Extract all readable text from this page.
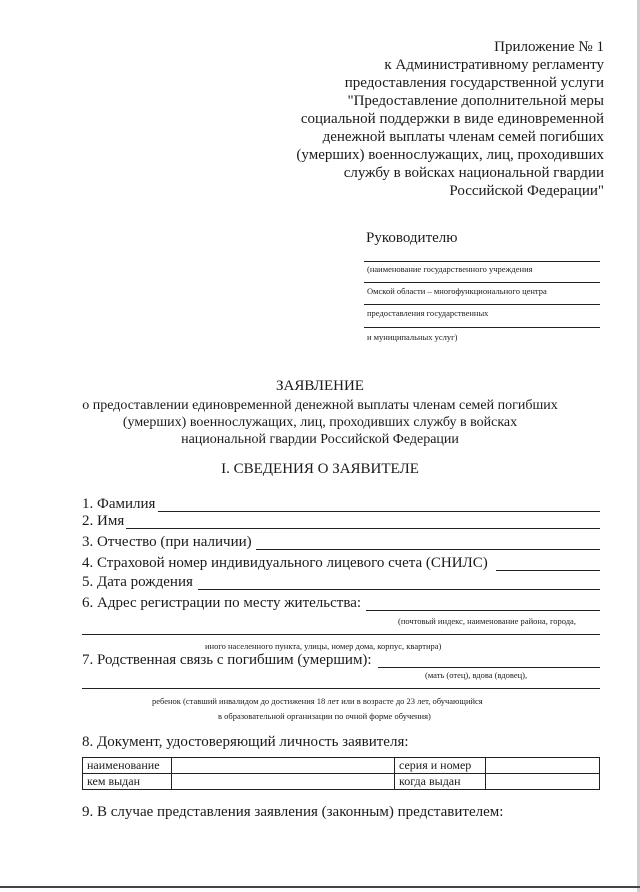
Приложение № 1
к Административному регламенту
предоставления государственной услуги
"Предоставление дополнительной меры
социальной поддержки в виде единовременной
денежной выплаты членам семей погибших
(умерших) военнослужащих, лиц, проходивших
службу в войсках национальной гвардии
Российской Федерации"
Руководителю
(наименование государственного учреждения
Омской области – многофункционального центра
предоставления государственных
и муниципальных услуг)
ЗАЯВЛЕНИЕ
о предоставлении единовременной денежной выплаты членам семей погибших
(умерших) военнослужащих, лиц, проходивших службу в войсках
национальной гвардии Российской Федерации
I. СВЕДЕНИЯ О ЗАЯВИТЕЛЕ
1. Фамилия
2. Имя
3. Отчество (при наличии)
4. Страховой номер индивидуального лицевого счета (СНИЛС)
5. Дата рождения
6. Адрес регистрации по месту жительства:
(почтовый индекс, наименование района, города,
иного населенного пункта, улицы, номер дома, корпус, квартира)
7. Родственная связь с погибшим (умершим):
(мать (отец), вдова (вдовец),
ребенок (ставший инвалидом до достижения 18 лет или в возрасте до 23 лет, обучающийся
в образовательной организации по очной форме обучения)
8. Документ, удостоверяющий личность заявителя:
наименование		серия и номер	
кем выдан		когда выдан	
9. В случае представления заявления (законным) представителем:
